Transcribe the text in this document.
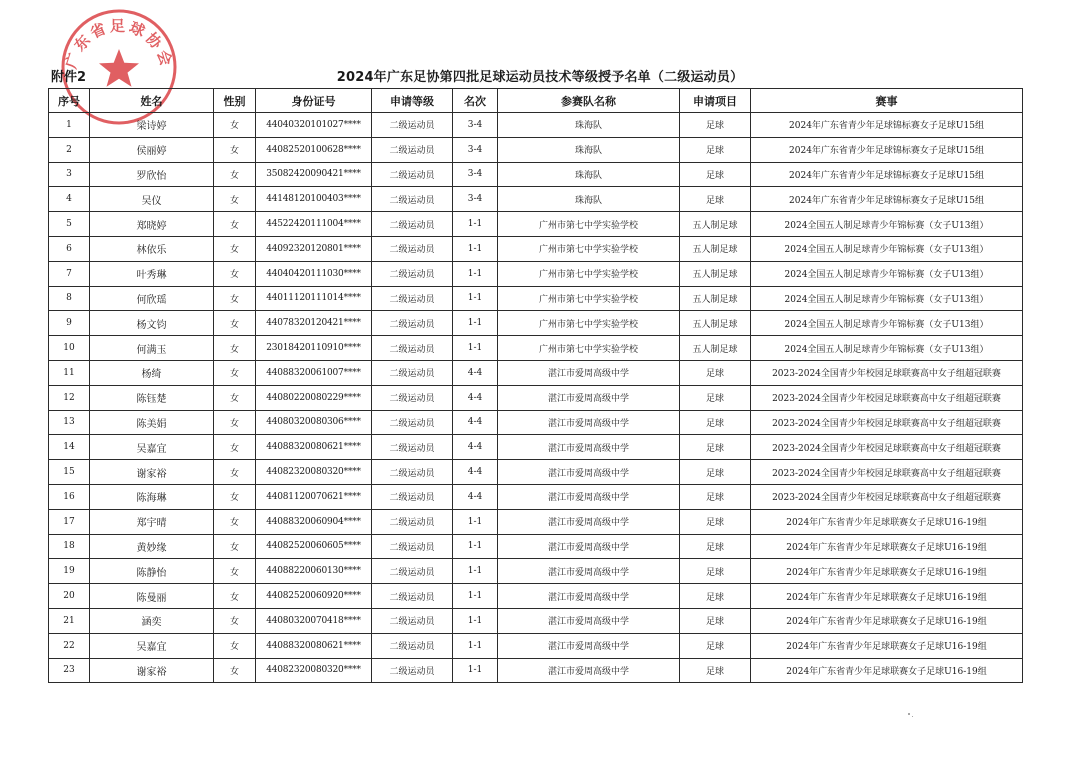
广东省足球协会
附件2	2024年广东足协第四批足球运动员技术等级授予名单（二级运动员）
序号	姓名	性别	身份证号	申请等级	名次	参赛队名称	申请项目	赛事
1	梁诗婷	女	44040320101027****	二级运动员	3-4	珠海队	足球	2024年广东省青少年足球锦标赛女子足球U15组
2	侯丽婷	女	44082520100628****	二级运动员	3-4	珠海队	足球	2024年广东省青少年足球锦标赛女子足球U15组
3	罗欣怡	女	35082420090421****	二级运动员	3-4	珠海队	足球	2024年广东省青少年足球锦标赛女子足球U15组
4	吴仪	女	44148120100403****	二级运动员	3-4	珠海队	足球	2024年广东省青少年足球锦标赛女子足球U15组
5	郑晓婷	女	44522420111004****	二级运动员	1-1	广州市第七中学实验学校	五人制足球	2024全国五人制足球青少年锦标赛（女子U13组）
6	林依乐	女	44092320120801****	二级运动员	1-1	广州市第七中学实验学校	五人制足球	2024全国五人制足球青少年锦标赛（女子U13组）
7	叶秀琳	女	44040420111030****	二级运动员	1-1	广州市第七中学实验学校	五人制足球	2024全国五人制足球青少年锦标赛（女子U13组）
8	何欣瑶	女	44011120111014****	二级运动员	1-1	广州市第七中学实验学校	五人制足球	2024全国五人制足球青少年锦标赛（女子U13组）
9	杨文钧	女	44078320120421****	二级运动员	1-1	广州市第七中学实验学校	五人制足球	2024全国五人制足球青少年锦标赛（女子U13组）
10	何满玉	女	23018420110910****	二级运动员	1-1	广州市第七中学实验学校	五人制足球	2024全国五人制足球青少年锦标赛（女子U13组）
11	杨绮	女	44088320061007****	二级运动员	4-4	湛江市爱周高级中学	足球	2023-2024全国青少年校园足球联赛高中女子组超冠联赛
12	陈钰楚	女	44080220080229****	二级运动员	4-4	湛江市爱周高级中学	足球	2023-2024全国青少年校园足球联赛高中女子组超冠联赛
13	陈美娟	女	44080320080306****	二级运动员	4-4	湛江市爱周高级中学	足球	2023-2024全国青少年校园足球联赛高中女子组超冠联赛
14	吴嘉宜	女	44088320080621****	二级运动员	4-4	湛江市爱周高级中学	足球	2023-2024全国青少年校园足球联赛高中女子组超冠联赛
15	谢家裕	女	44082320080320****	二级运动员	4-4	湛江市爱周高级中学	足球	2023-2024全国青少年校园足球联赛高中女子组超冠联赛
16	陈海琳	女	44081120070621****	二级运动员	4-4	湛江市爱周高级中学	足球	2023-2024全国青少年校园足球联赛高中女子组超冠联赛
17	郑宇晴	女	44088320060904****	二级运动员	1-1	湛江市爱周高级中学	足球	2024年广东省青少年足球联赛女子足球U16-19组
18	黄妙缘	女	44082520060605****	二级运动员	1-1	湛江市爱周高级中学	足球	2024年广东省青少年足球联赛女子足球U16-19组
19	陈静怡	女	44088220060130****	二级运动员	1-1	湛江市爱周高级中学	足球	2024年广东省青少年足球联赛女子足球U16-19组
20	陈曼丽	女	44082520060920****	二级运动员	1-1	湛江市爱周高级中学	足球	2024年广东省青少年足球联赛女子足球U16-19组
21	涵奕	女	44080320070418****	二级运动员	1-1	湛江市爱周高级中学	足球	2024年广东省青少年足球联赛女子足球U16-19组
22	吴嘉宜	女	44088320080621****	二级运动员	1-1	湛江市爱周高级中学	足球	2024年广东省青少年足球联赛女子足球U16-19组
23	谢家裕	女	44082320080320****	二级运动员	1-1	湛江市爱周高级中学	足球	2024年广东省青少年足球联赛女子足球U16-19组
